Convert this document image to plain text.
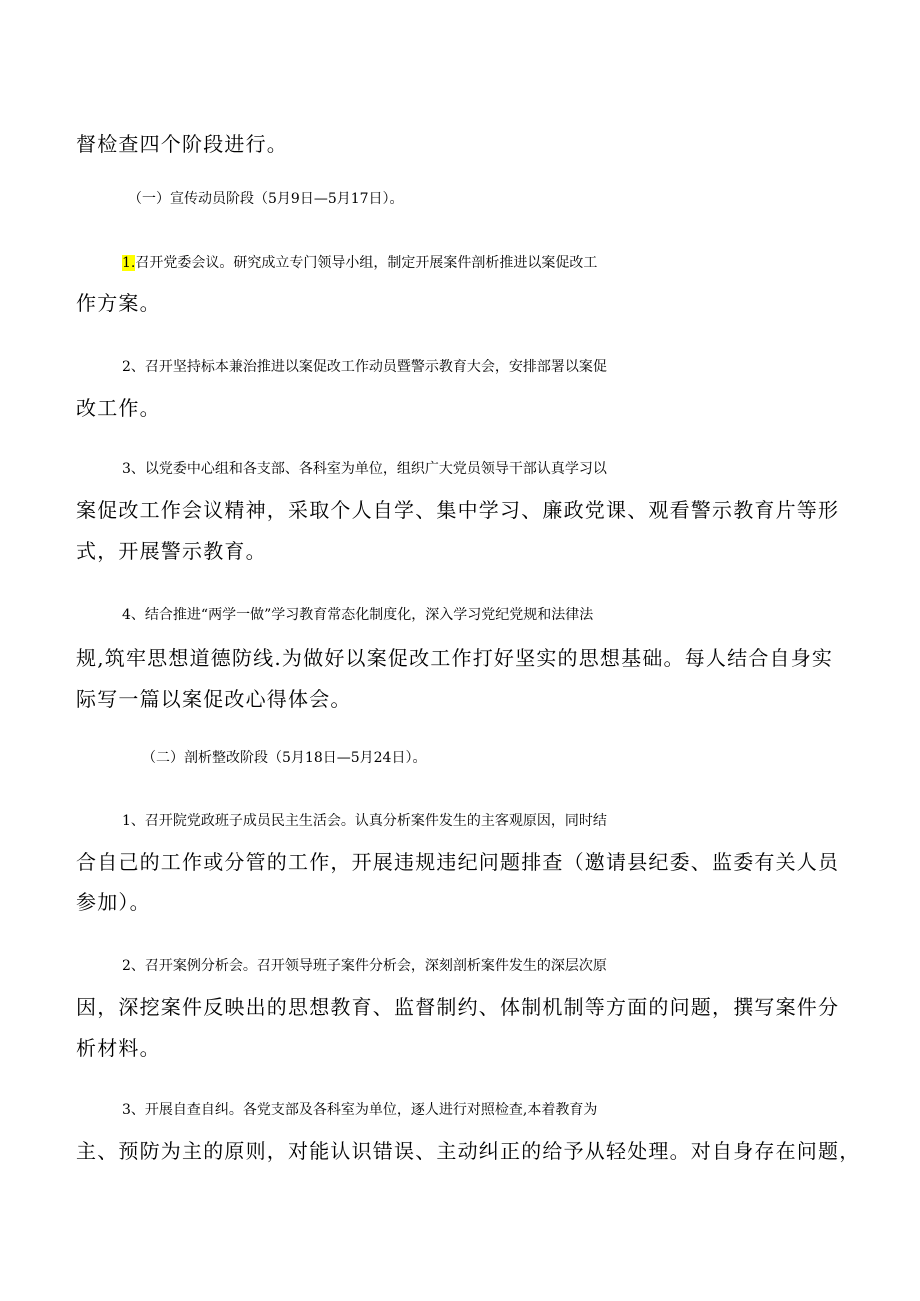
督检查四个阶段进行。
（一）宣传动员阶段（5月9日—5月17日）。
1.召开党委会议。研究成立专门领导小组，制定开展案件剖析推进以案促改工
作方案。
2、召开坚持标本兼治推进以案促改工作动员暨警示教育大会，安排部署以案促
改工作。
3、以党委中心组和各支部、各科室为单位，组织广大党员领导干部认真学习以
案促改工作会议精神，采取个人自学、集中学习、廉政党课、观看警示教育片等形
式，开展警示教育。
4、结合推进“两学一做”学习教育常态化制度化，深入学习党纪党规和法律法
规,筑牢思想道德防线.为做好以案促改工作打好坚实的思想基础。每人结合自身实
际写一篇以案促改心得体会。
（二）剖析整改阶段（5月18日—5月24日）。
1、召开院党政班子成员民主生活会。认真分析案件发生的主客观原因，同时结
合自己的工作或分管的工作，开展违规违纪问题排查（邀请县纪委、监委有关人员
参加）。
2、召开案例分析会。召开领导班子案件分析会，深刻剖析案件发生的深层次原
因，深挖案件反映出的思想教育、监督制约、体制机制等方面的问题，撰写案件分
析材料。
3、开展自查自纠。各党支部及各科室为单位，逐人进行对照检查,本着教育为
主、预防为主的原则，对能认识错误、主动纠正的给予从轻处理。对自身存在问题，
